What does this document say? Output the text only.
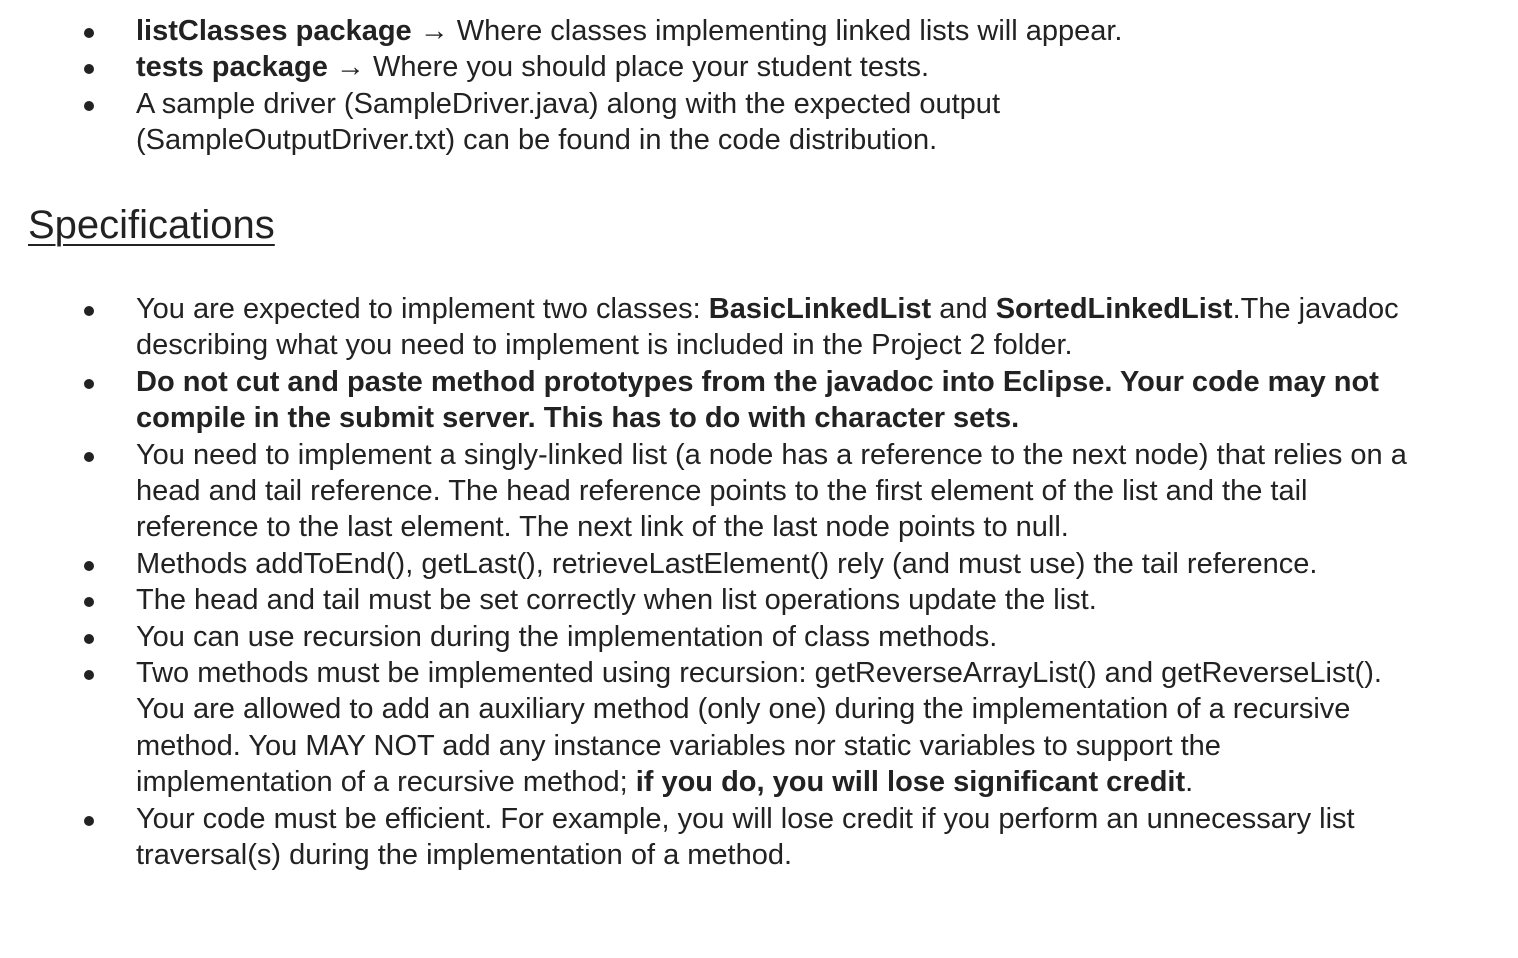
listClasses package → Where classes implementing linked lists will appear.
tests package → Where you should place your student tests.
A sample driver (SampleDriver.java) along with the expected output (SampleOutputDriver.txt) can be found in the code distribution.
Specifications
You are expected to implement two classes: BasicLinkedList and SortedLinkedList.The javadoc describing what you need to implement is included in the Project 2 folder.
Do not cut and paste method prototypes from the javadoc into Eclipse. Your code may not compile in the submit server. This has to do with character sets.
You need to implement a singly-linked list (a node has a reference to the next node) that relies on a head and tail reference. The head reference points to the first element of the list and the tail reference to the last element. The next link of the last node points to null.
Methods addToEnd(), getLast(), retrieveLastElement() rely (and must use) the tail reference.
The head and tail must be set correctly when list operations update the list.
You can use recursion during the implementation of class methods.
Two methods must be implemented using recursion: getReverseArrayList() and getReverseList(). You are allowed to add an auxiliary method (only one) during the implementation of a recursive method. You MAY NOT add any instance variables nor static variables to support the implementation of a recursive method; if you do, you will lose significant credit.
Your code must be efficient. For example, you will lose credit if you perform an unnecessary list traversal(s) during the implementation of a method.
